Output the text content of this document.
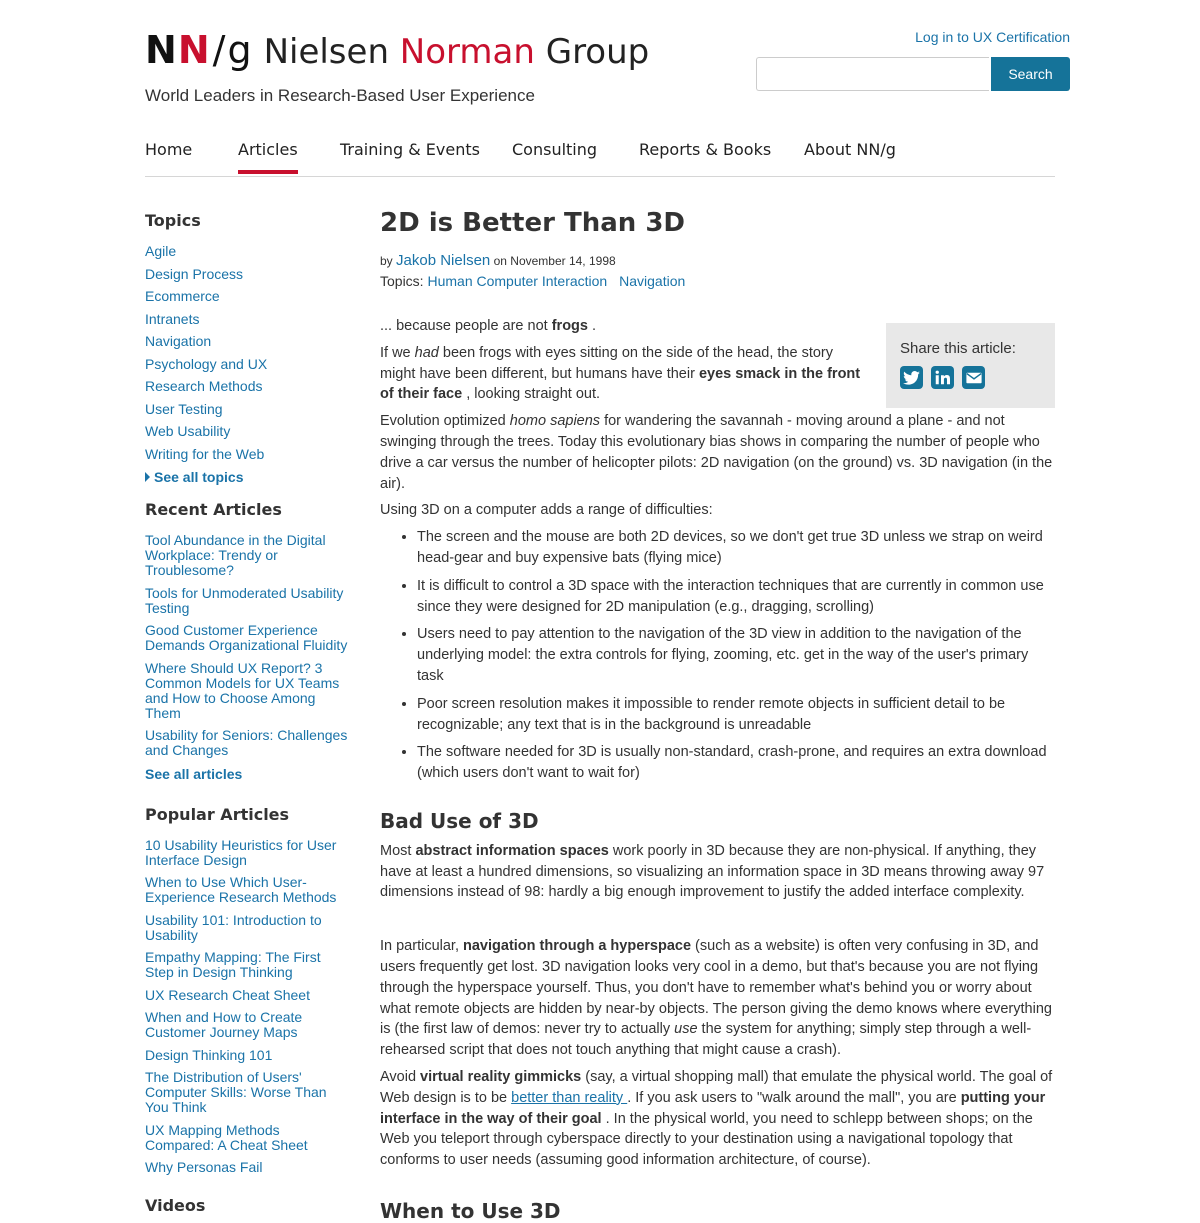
NN / g Nielsen Norman Group
World Leaders in Research-Based User Experience
Log in to UX Certification
Search
Home	Articles	Training & Events Consulting	Reports & Books About NN/g
Topics
Agile
Design Process
Ecommerce
Intranets
Navigation
Psychology and UX
Research Methods
User Testing
Web Usability
Writing for the Web
See all topics
Recent Articles
Tool Abundance in the Digital Workplace: Trendy or Troublesome?
Tools for Unmoderated Usability Testing
Good Customer Experience Demands Organizational Fluidity
Where Should UX Report? 3 Common Models for UX Teams and How to Choose Among Them
Usability for Seniors: Challenges and Changes
See all articles
Popular Articles
10 Usability Heuristics for User Interface Design
When to Use Which User-Experience Research Methods
Usability 101: Introduction to Usability
Empathy Mapping: The First Step in Design Thinking
UX Research Cheat Sheet
When and How to Create Customer Journey Maps
Design Thinking 101
The Distribution of Users' Computer Skills: Worse Than You Think
UX Mapping Methods Compared: A Cheat Sheet
Why Personas Fail
Videos
2D is Better Than 3D
by Jakob Nielsen on November 14, 1998
Topics: Human Computer Interaction Navigation
Share this article:

... because people are not frogs .

If we had been frogs with eyes sitting on the side of the head, the story might have been different, but humans have their eyes smack in the front of their face , looking straight out.

Evolution optimized homo sapiens for wandering the savannah - moving around a plane - and not swinging through the trees. Today this evolutionary bias shows in comparing the number of people who drive a car versus the number of helicopter pilots: 2D navigation (on the ground) vs. 3D navigation (in the air).

Using 3D on a computer adds a range of difficulties:

• The screen and the mouse are both 2D devices, so we don't get true 3D unless we strap on weird head-gear and buy expensive bats (flying mice)
• It is difficult to control a 3D space with the interaction techniques that are currently in common use since they were designed for 2D manipulation (e.g., dragging, scrolling)
• Users need to pay attention to the navigation of the 3D view in addition to the navigation of the underlying model: the extra controls for flying, zooming, etc. get in the way of the user's primary task
• Poor screen resolution makes it impossible to render remote objects in sufficient detail to be recognizable; any text that is in the background is unreadable
• The software needed for 3D is usually non-standard, crash-prone, and requires an extra download (which users don't want to wait for)
Bad Use of 3D

Most abstract information spaces work poorly in 3D because they are non-physical. If anything, they have at least a hundred dimensions, so visualizing an information space in 3D means throwing away 97 dimensions instead of 98: hardly a big enough improvement to justify the added interface complexity.

In particular, navigation through a hyperspace (such as a website) is often very confusing in 3D, and users frequently get lost. 3D navigation looks very cool in a demo, but that's because you are not flying through the hyperspace yourself. Thus, you don't have to remember what's behind you or worry about what remote objects are hidden by near-by objects. The person giving the demo knows where everything is (the first law of demos: never try to actually use the system for anything; simply step through a well-rehearsed script that does not touch anything that might cause a crash).

Avoid virtual reality gimmicks (say, a virtual shopping mall) that emulate the physical world. The goal of Web design is to be better than reality . If you ask users to "walk around the mall", you are putting your interface in the way of their goal . In the physical world, you need to schlepp between shops; on the Web you teleport through cyberspace directly to your destination using a navigational topology that conforms to user needs (assuming good information architecture, of course).

When to Use 3D
